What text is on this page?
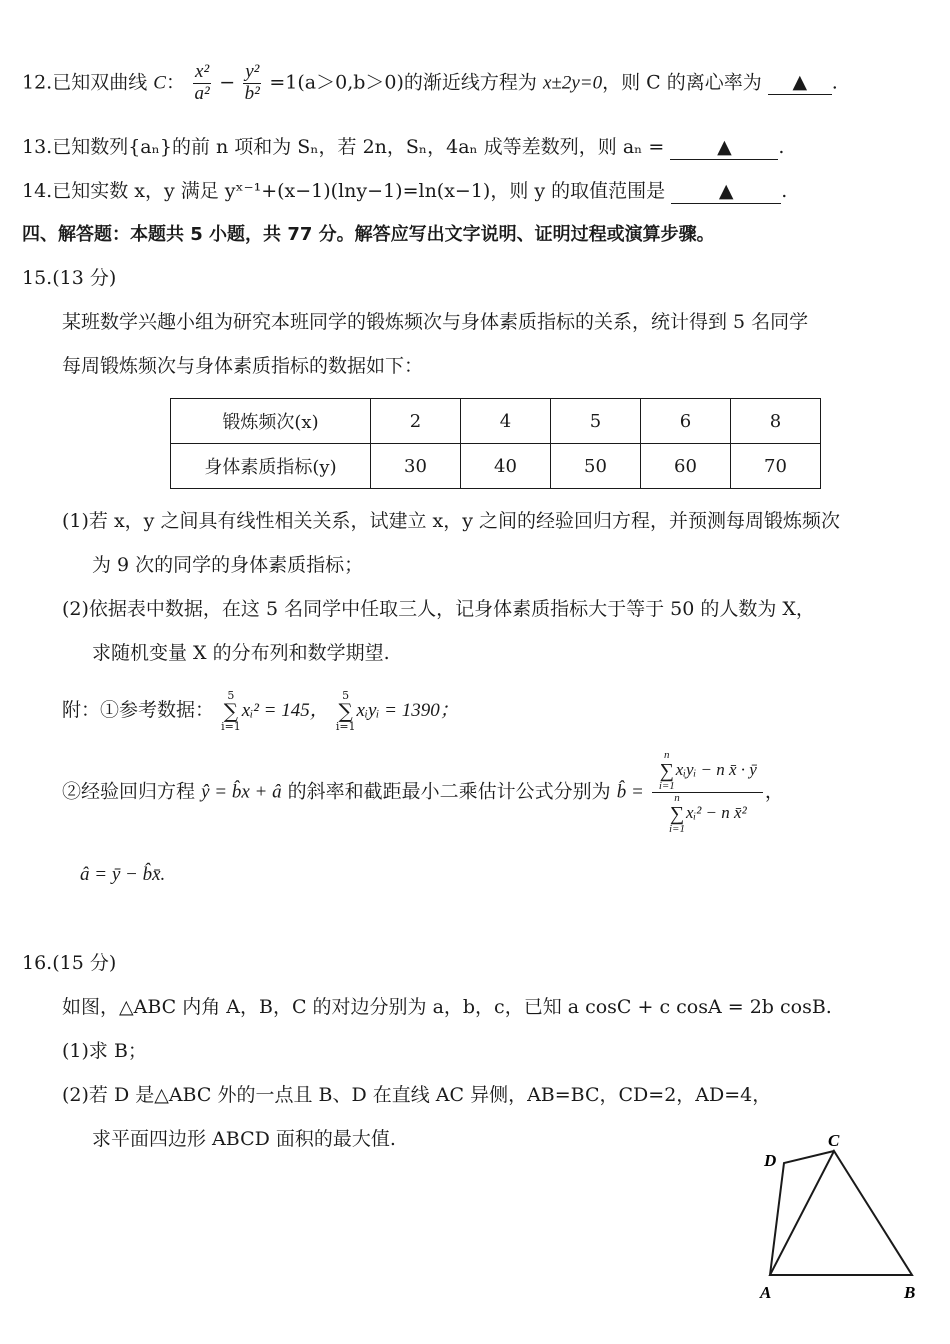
12.已知双曲线 C： $\frac{\text{x²}}{\text{a²}} - \frac{\text{y²}}{\text{b²}} =1(a>0,b>0)$的渐近线方程为 x±2y=0，则 C 的离心率为 ▲ .
13.已知数列{aₙ}的前 n 项和为 Sₙ，若 2n，Sₙ，4aₙ 成等差数列，则 aₙ =	▲ .
14.已知实数 x，y 满足 yˣ⁻¹+(x−1)(lny−1)=ln(x−1)，则 y 的取值范围是	▲	.
四、解答题：本题共 5 小题，共 77 分。解答应写出文字说明、证明过程或演算步骤。
15.(13 分)
某班数学兴趣小组为研究本班同学的锻炼频次与身体素质指标的关系，统计得到 5 名同学
每周锻炼频次与身体素质指标的数据如下：
锻炼频次(x)	2	4	5	6	8
身体素质指标(y)	30	40	50	60	70
(1)若 x，y 之间具有线性相关关系，试建立 x，y 之间的经验回归方程，并预测每周锻炼频次
为 9 次的同学的身体素质指标；
(2)依据表中数据，在这 5 名同学中任取三人，记身体素质指标大于等于 50 的人数为 X，
求随机变量 X 的分布列和数学期望.
附：①参考数据：
5
∑
i=1
xᵢ² = 145，
5
∑
i=1
xᵢyᵢ = 1390；
②经验回归方程 ŷ = b̂x + â 的斜率和截距最小二乘估计公式分别为 b̂ = n
∑
i=1
xᵢyᵢ − n x̄ · ȳ
n
∑
i=1
xᵢ² − n x̄² ，
â = ȳ − b̂x̄.
16.(15 分)
如图，△ABC 内角 A，B，C 的对边分别为 a，b，c，已知 a cosC + c cosA = 2b cosB.
(1)求 B；
(2)若 D 是△ABC 外的一点且 B、D 在直线 AC 异侧，AB=BC，CD=2，AD=4，
求平面四边形 ABCD 面积的最大值.
D
C
A	B
